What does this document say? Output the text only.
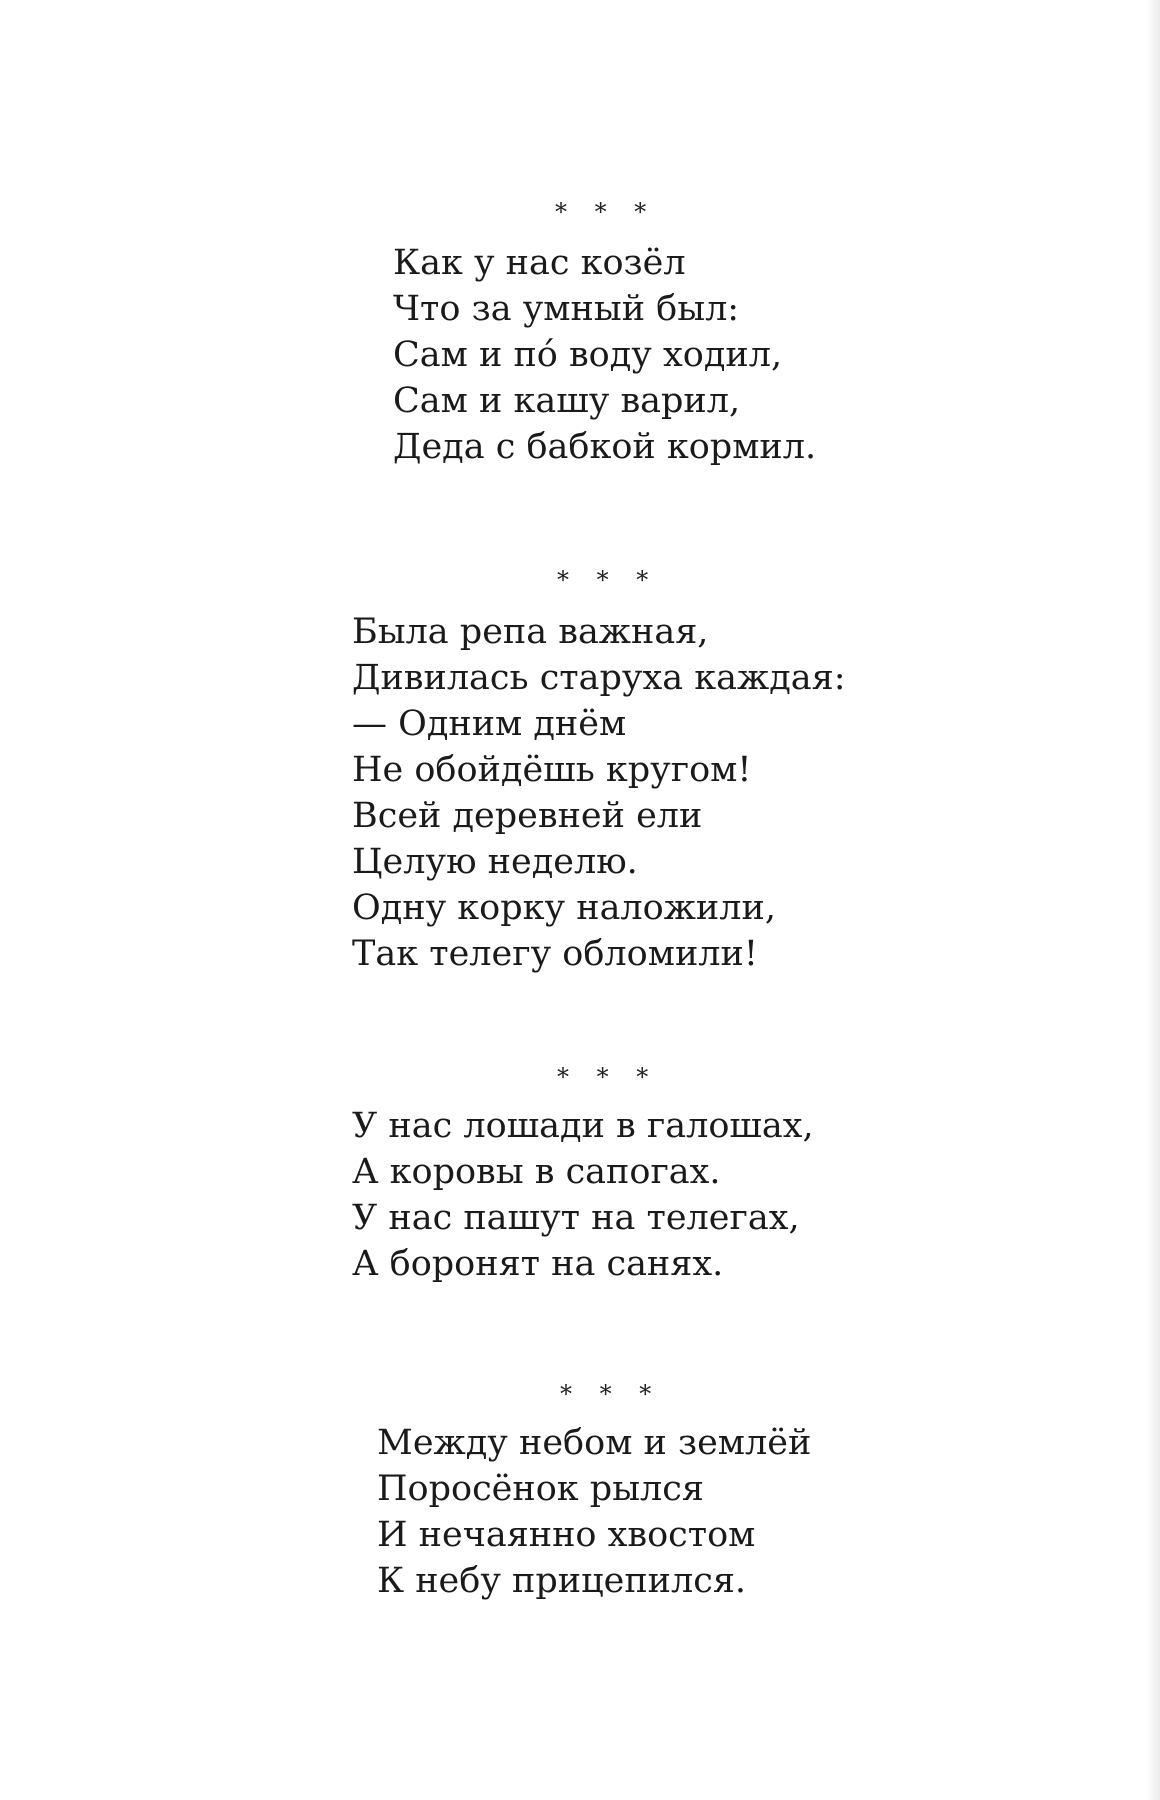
* * *
Как у нас козёл
Что за умный был:
Сам и пó воду ходил,
Сам и кашу варил,
Деда с бабкой кормил.
* * *
Была репа важная,
Дивилась старуха каждая:
— Одним днём
Не обойдёшь кругом!
Всей деревней ели
Целую неделю.
Одну корку наложили,
Так телегу обломили!
* * *
У нас лошади в галошах,
А коровы в сапогах.
У нас пашут на телегах,
А боронят на санях.
* * *
Между небом и землёй
Поросёнок рылся
И нечаянно хвостом
К небу прицепился.
